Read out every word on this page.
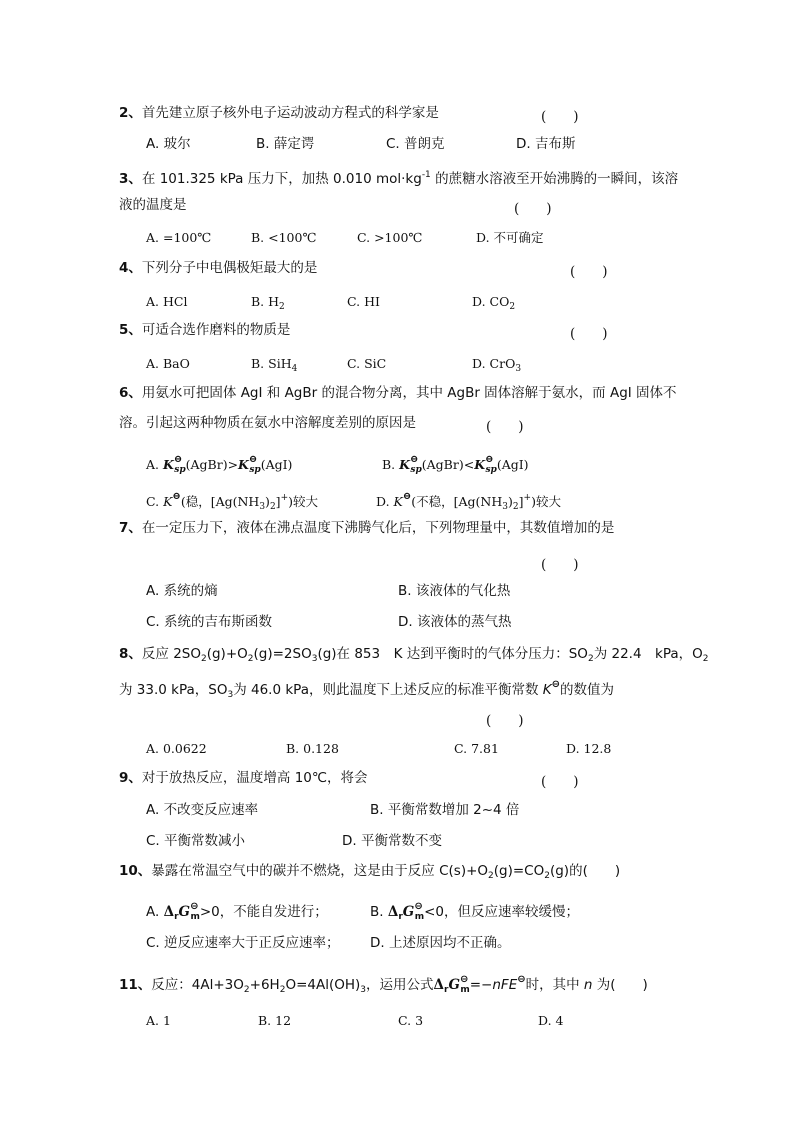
2、首先建立原子核外电子运动波动方程式的科学家是	(　　)
A. 玻尔	B. 薛定谔	C. 普朗克	D. 吉布斯
3、在 101.325 kPa 压力下，加热 0.010 $mol\cdot kg^{-1}$ 的蔗糖水溶液至开始沸腾的一瞬间，该溶
液的温度是	(　　)
A. =100℃	B. <100℃	C. >100℃	D. 不可确定
4、下列分子中电偶极矩最大的是	(　　)
A. HCl	B. $H_2$	C. HI	D. $CO_2$
5、可适合选作磨料的物质是	(　　)
A. BaO	B. SiH$_4$	C. SiC	D. CrO$_3$
6、用氨水可把固体 AgI 和 AgBr 的混合物分离，其中 AgBr 固体溶解于氨水，而 AgI 固体不
溶。引起这两种物质在氨水中溶解度差别的原因是	(　　)
A. $K^⊖_{sp}(AgBr)>K^⊖_{sp}(AgI)$	B. $K^⊖_{sp}(AgBr)<K^⊖_{sp}(AgI)$
C. K⊖(稳，$[Ag(NH_3)_2]^+$)较大	D. K⊖(不稳，$[Ag(NH_3)_2]^+$)较大
7、在一定压力下，液体在沸点温度下沸腾气化后，下列物理量中，其数值增加的是
(　　)
A. 系统的熵	B. 该液体的气化热
C. 系统的吉布斯函数	D. 该液体的蒸气热
8、反应 $2SO_2(g)+O_2(g)=2SO_3(g)$在 853　K 达到平衡时的气体分压力：$SO_2$为 22.4　kPa，$O_2$
为 33.0 kPa，$SO_3$为 46.0 kPa，则此温度下上述反应的标准平衡常数 K⊖的数值为
(　　)
A. 0.0622	B. 0.128	C. 7.81	D. 12.8
9、对于放热反应，温度增高 10℃，将会	(　　)
A. 不改变反应速率	B. 平衡常数增加 2~4 倍
C. 平衡常数减小	D. 平衡常数不变
10、暴露在常温空气中的碳并不燃烧，这是由于反应 $C(s)+O_2(g)=CO_2(g)$的(　　)
A. $\Delta_rG^⊖_m>0$，不能自发进行；	B. $\Delta_rG^⊖_m<0$，但反应速率较缓慢；
C. 逆反应速率大于正反应速率； D. 上述原因均不正确。
11、反应：$4Al+3O_2+6H_2O=4Al(OH)_3$，运用公式$\Delta_rG^⊖_m=-nFE^⊖$时，其中 n 为(　　)
A. 1	B. 12	C. 3	D. 4
